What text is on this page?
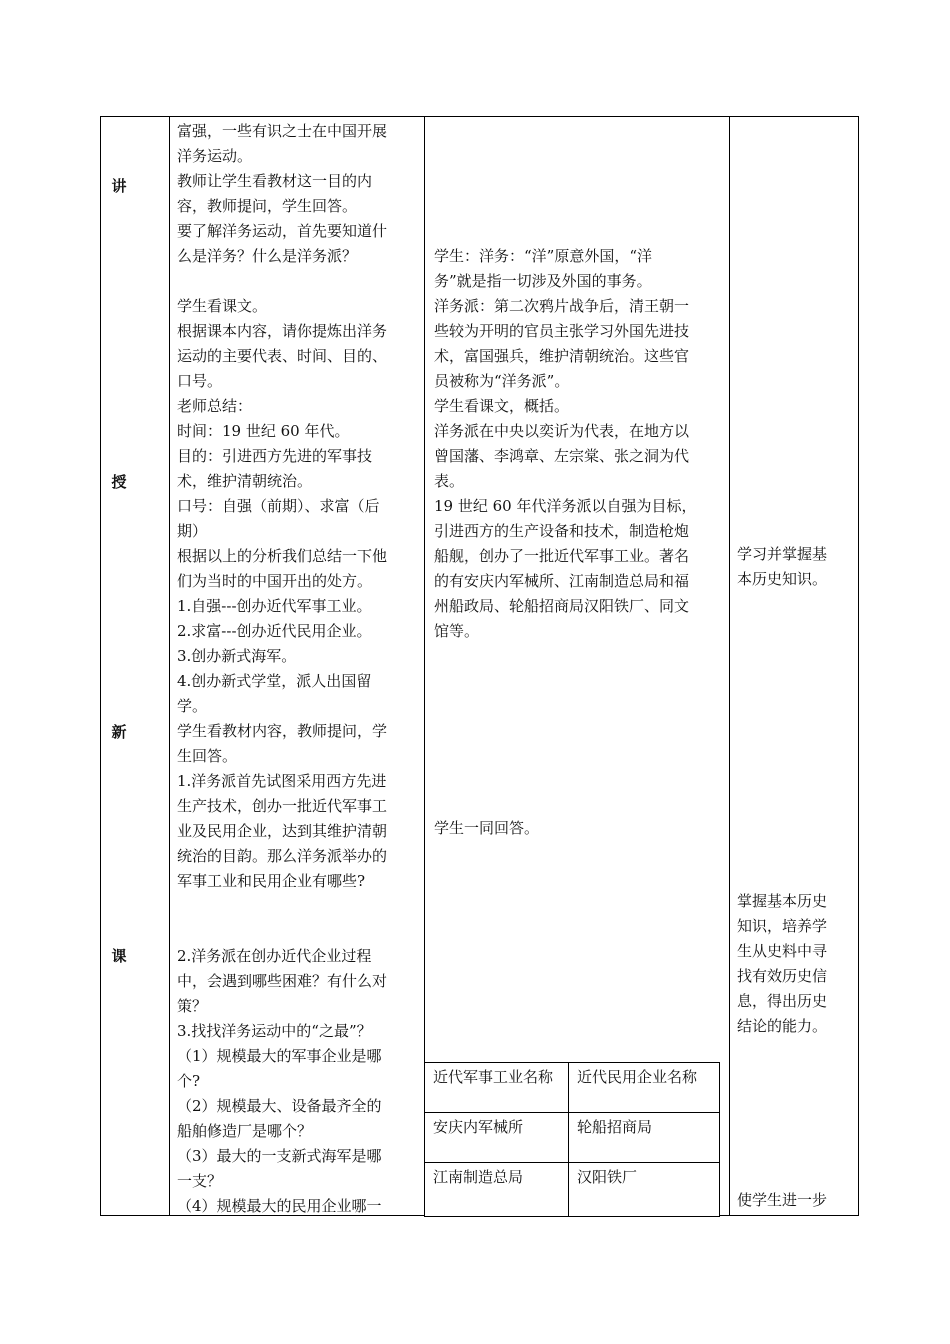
讲
授
新
课

富强，一些有识之士在中国开展

洋务运动。

教师让学生看教材这一目的内

容，教师提问，学生回答。

要了解洋务运动，首先要知道什

么是洋务？什么是洋务派？

学生看课文。

根据课本内容，请你提炼出洋务

运动的主要代表、时间、目的、

口号。

老师总结：

时间：19 世纪 60 年代。

目的：引进西方先进的军事技

术，维护清朝统治。

口号：自强（前期）、求富（后

期）

根据以上的分析我们总结一下他

们为当时的中国开出的处方。

1.自强---创办近代军事工业。

2.求富---创办近代民用企业。

3.创办新式海军。

4.创办新式学堂，派人出国留

学。

学生看教材内容，教师提问，学

生回答。

1.洋务派首先试图采用西方先进

生产技术，创办一批近代军事工

业及民用企业，达到其维护清朝

统治的目韵。那么洋务派举办的

军事工业和民用企业有哪些?

2.洋务派在创办近代企业过程

中，会遇到哪些困难？有什么对

策？

3.找找洋务运动中的“之最”？

（1）规模最大的军事企业是哪

个?

（2）规模最大、设备最齐全的

船舶修造厂是哪个？

（3）最大的一支新式海军是哪

一支？

（4）规模最大的民用企业哪一

学生：洋务：“洋”原意外国，“洋

务”就是指一切涉及外国的事务。

洋务派：第二次鸦片战争后，清王朝一

些较为开明的官员主张学习外国先进技

术，富国强兵，维护清朝统治。这些官

员被称为“洋务派”。

学生看课文，概括。

洋务派在中央以奕䜣为代表，在地方以

曾国藩、李鸿章、左宗棠、张之洞为代

表。

19 世纪 60 年代洋务派以自强为目标，

引进西方的生产设备和技术，制造枪炮

船舰，创办了一批近代军事工业。著名

的有安庆内军械所、江南制造总局和福

州船政局、轮船招商局汉阳铁厂、同文

馆等。

学生一同回答。

学习并掌握基

本历史知识。

掌握基本历史

知识，培养学

生从史料中寻

找有效历史信

息，得出历史

结论的能力。

使学生进一步

近代军事工业名称	近代民用企业名称
安庆内军械所	轮船招商局
江南制造总局	汉阳铁厂
